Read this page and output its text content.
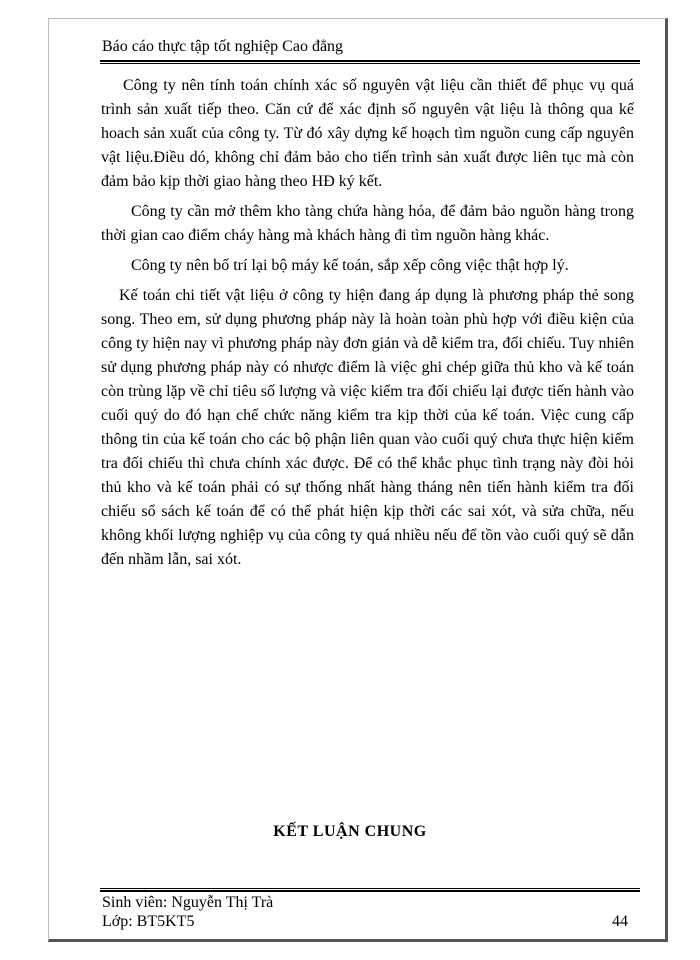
Báo cáo thực tập tốt nghiệp Cao đẳng

Công ty nên tính toán chính xác số nguyên vật liệu cần thiết để phục vụ quá trình sản xuất tiếp theo. Căn cứ để xác định số nguyên vật liệu là thông qua kế hoach sản xuất của công ty. Từ đó xây dựng kế hoạch tìm nguồn cung cấp nguyên vật liệu.Điều dó, không chỉ đảm bảo cho tiến trình sản xuất được liên tục mà còn đảm bảo kịp thời giao hàng theo HĐ ký kết.

Công ty cần mở thêm kho tàng chứa hàng hóa, để đảm bảo nguồn hàng trong thời gian cao điểm cháy hàng mà khách hàng đi tìm nguồn hàng khác.

Công ty nên bố trí lại bộ máy kế toán, sắp xếp công việc thật hợp lý.

Kế toán chi tiết vật liệu ở công ty hiện đang áp dụng là phương pháp thẻ song song. Theo em, sử dụng phương pháp này là hoàn toàn phù hợp với điều kiện của công ty hiện nay vì phương pháp này đơn giản và dễ kiểm tra, đối chiếu. Tuy nhiên sử dụng phương pháp này có nhược điểm là việc ghi chép giữa thủ kho và kế toán còn trùng lặp về chỉ tiêu số lượng và việc kiểm tra đối chiếu lại được tiến hành vào cuối quý do đó hạn chế chức năng kiểm tra kịp thời của kế toán. Việc cung cấp thông tin của kế toán cho các bộ phận liên quan vào cuối quý chưa thực hiện kiểm tra đối chiếu thì chưa chính xác được. Để có thể khắc phục tình trạng này đòi hỏi thủ kho và kế toán phải có sự thống nhất hàng tháng nên tiến hành kiểm tra đối chiếu sổ sách kế toán để có thể phát hiện kịp thời các sai xót, và sửa chữa, nếu không khối lượng nghiệp vụ của công ty quá nhiều nếu để tồn vào cuối quý sẽ dẫn đến nhầm lẫn, sai xót.

KẾT LUẬN CHUNG
Sinh viên: Nguyễn Thị Trà
Lớp: BT5KT5	44
